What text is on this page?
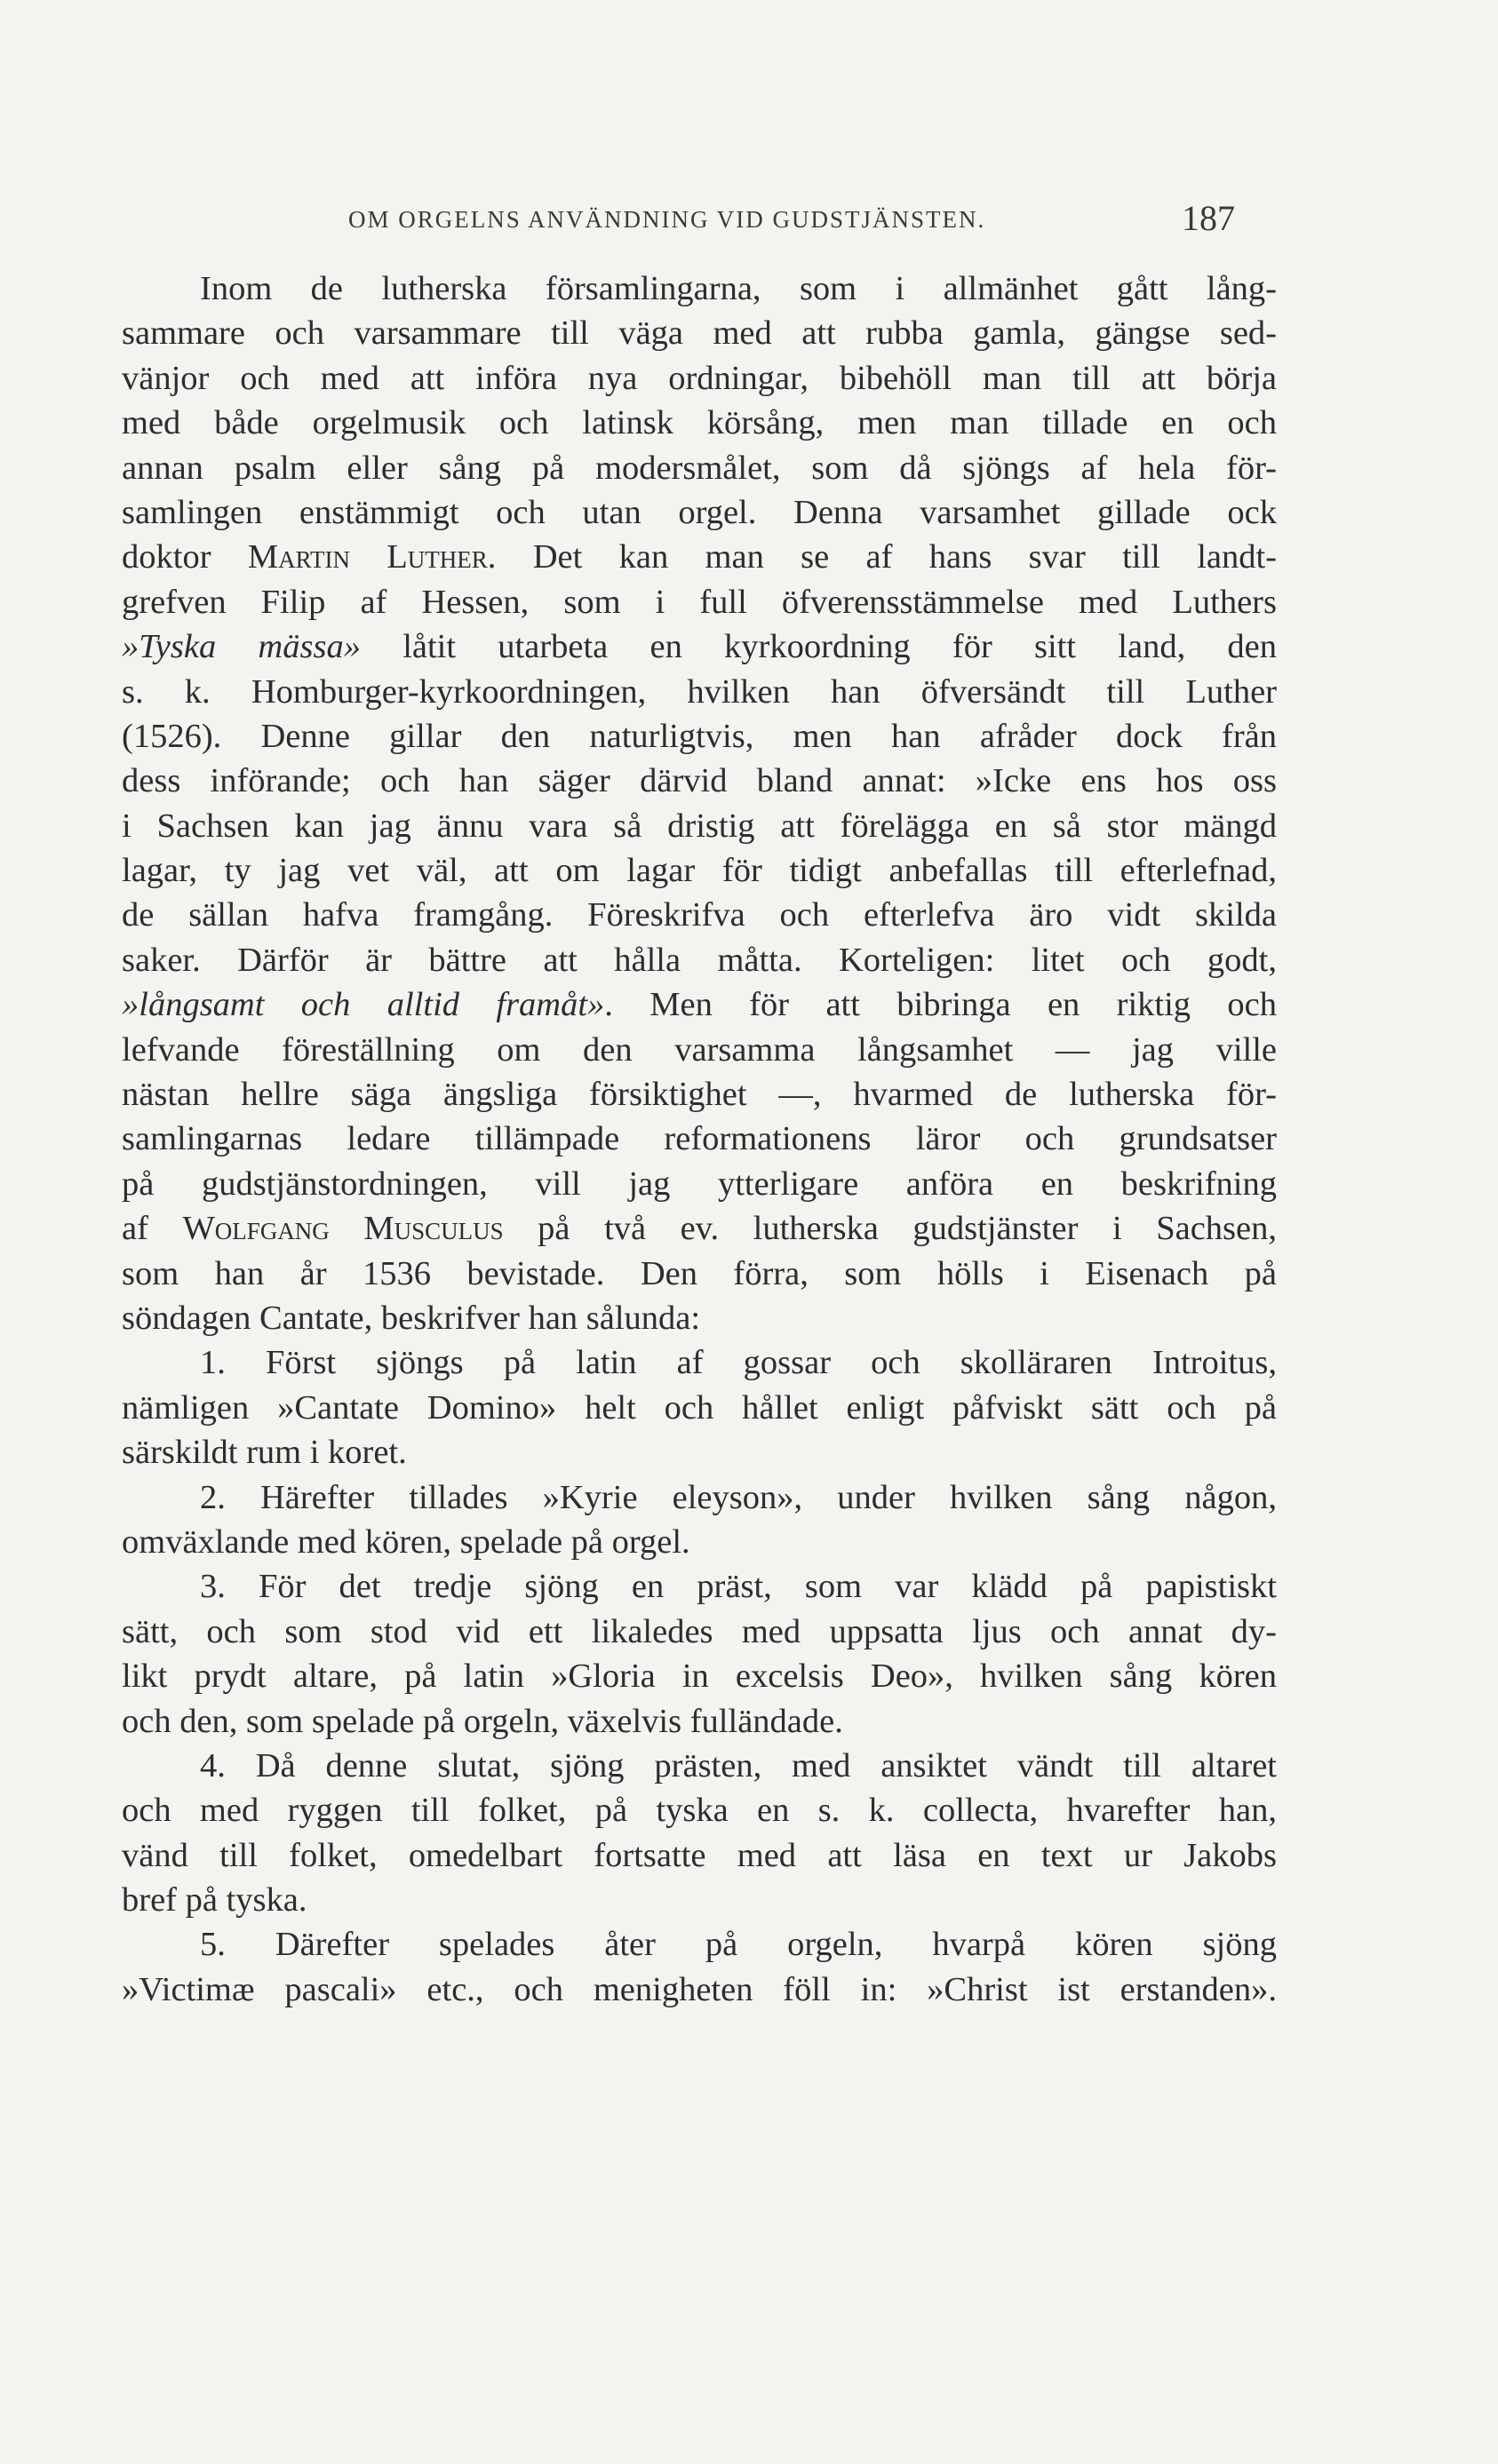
OM ORGELNS ANVÄNDNING VID GUDSTJÄNSTEN.	187
Inom de lutherska församlingarna, som i allmänhet gått lång-
sammare och varsammare till väga med att rubba gamla, gängse sed-
vänjor och med att införa nya ordningar, bibehöll man till att börja
med både orgelmusik och latinsk körsång, men man tillade en och
annan psalm eller sång på modersmålet, som då sjöngs af hela för-
samlingen enstämmigt och utan orgel. Denna varsamhet gillade ock
doktor Martin Luther. Det kan man se af hans svar till landt-
grefven Filip af Hessen, som i full öfverensstämmelse med Luthers
»Tyska mässa» låtit utarbeta en kyrkoordning för sitt land, den
s. k. Homburger-kyrkoordningen, hvilken han öfversändt till Luther
(1526). Denne gillar den naturligtvis, men han afråder dock från
dess införande; och han säger därvid bland annat: »Icke ens hos oss
i Sachsen kan jag ännu vara så dristig att förelägga en så stor mängd
lagar, ty jag vet väl, att om lagar för tidigt anbefallas till efterlefnad,
de sällan hafva framgång. Föreskrifva och efterlefva äro vidt skilda
saker. Därför är bättre att hålla måtta. Korteligen: litet och godt,
»långsamt och alltid framåt». Men för att bibringa en riktig och
lefvande föreställning om den varsamma långsamhet — jag ville
nästan hellre säga ängsliga försiktighet —, hvarmed de lutherska för-
samlingarnas ledare tillämpade reformationens läror och grundsatser
på gudstjänstordningen, vill jag ytterligare anföra en beskrifning
af Wolfgang Musculus på två ev. lutherska gudstjänster i Sachsen,
som han år 1536 bevistade. Den förra, som hölls i Eisenach på
söndagen Cantate, beskrifver han sålunda:
1. Först sjöngs på latin af gossar och skolläraren Introitus,
nämligen »Cantate Domino» helt och hållet enligt påfviskt sätt och på
särskildt rum i koret.
2. Härefter tillades »Kyrie eleyson», under hvilken sång någon,
omväxlande med kören, spelade på orgel.
3. För det tredje sjöng en präst, som var klädd på papistiskt
sätt, och som stod vid ett likaledes med uppsatta ljus och annat dy-
likt prydt altare, på latin »Gloria in excelsis Deo», hvilken sång kören
och den, som spelade på orgeln, växelvis fulländade.
4. Då denne slutat, sjöng prästen, med ansiktet vändt till altaret
och med ryggen till folket, på tyska en s. k. collecta, hvarefter han,
vänd till folket, omedelbart fortsatte med att läsa en text ur Jakobs
bref på tyska.
5. Därefter spelades åter på orgeln, hvarpå kören sjöng
»Victimæ pascali» etc., och menigheten föll in: »Christ ist erstanden».
